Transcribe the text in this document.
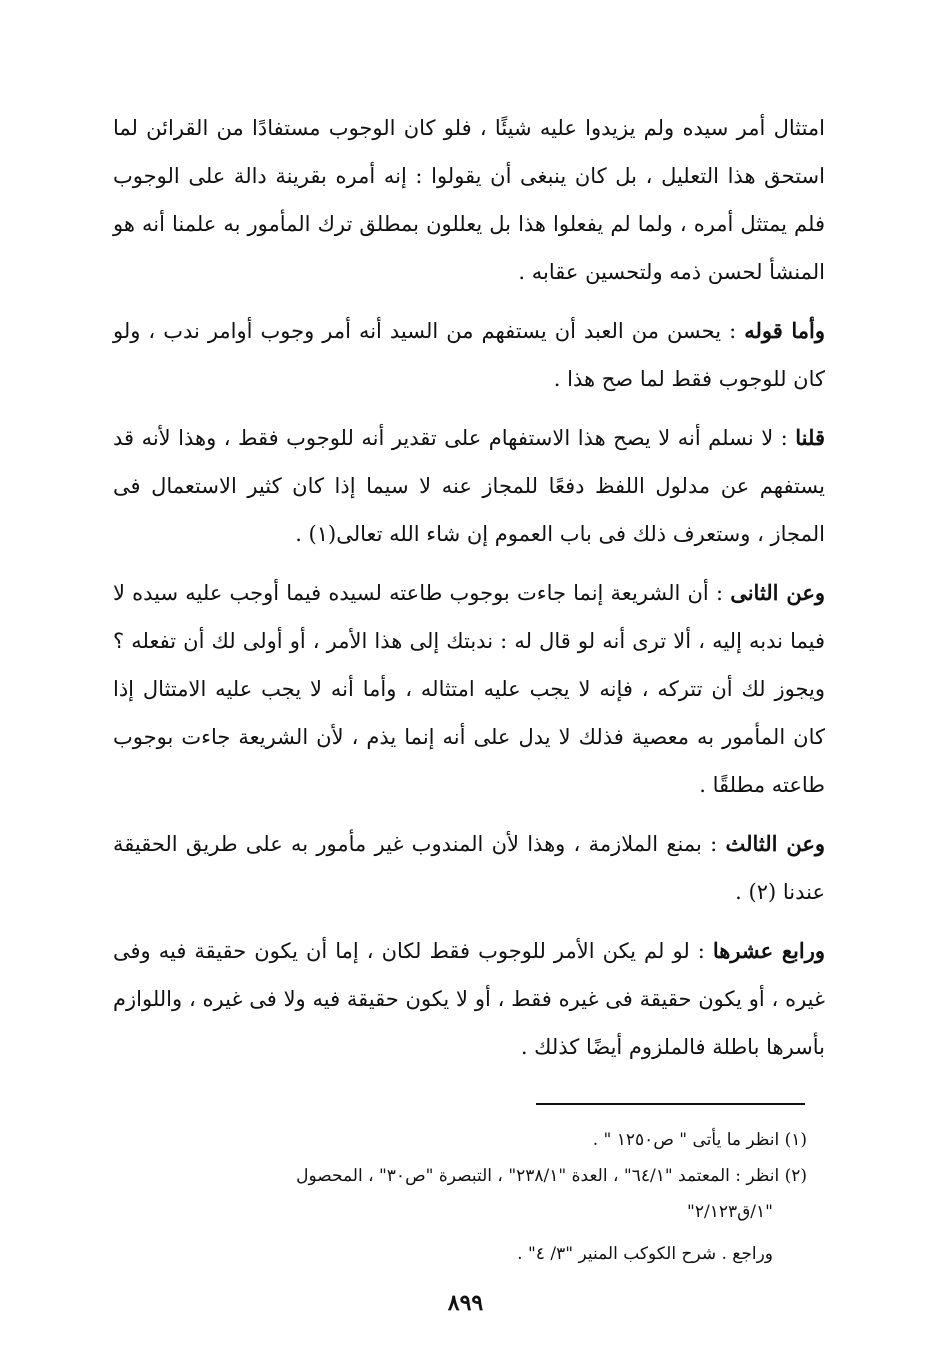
امتثال أمر سيده ولم يزيدوا عليه شيئًا ، فلو كان الوجوب مستفادًا من القرائن لما استحق هذا التعليل ، بل كان ينبغى أن يقولوا : إنه أمره بقرينة دالة على الوجوب فلم يمتثل أمره ، ولما لم يفعلوا هذا بل يعللون بمطلق ترك المأمور به علمنا أنه هو المنشأ لحسن ذمه ولتحسين عقابه .

وأما قوله : يحسن من العبد أن يستفهم من السيد أنه أمر وجوب أوامر ندب ، ولو كان للوجوب فقط لما صح هذا .

قلنا : لا نسلم أنه لا يصح هذا الاستفهام على تقدير أنه للوجوب فقط ، وهذا لأنه قد يستفهم عن مدلول اللفظ دفعًا للمجاز عنه لا سيما إذا كان كثير الاستعمال فى المجاز ، وستعرف ذلك فى باب العموم إن شاء الله تعالى(١) .

وعن الثانى : أن الشريعة إنما جاءت بوجوب طاعته لسيده فيما أوجب عليه سيده لا فيما ندبه إليه ، ألا ترى أنه لو قال له : ندبتك إلى هذا الأمر ، أو أولى لك أن تفعله ؟ ويجوز لك أن تتركه ، فإنه لا يجب عليه امتثاله ، وأما أنه لا يجب عليه الامتثال إذا كان المأمور به معصية فذلك لا يدل على أنه إنما يذم ، لأن الشريعة جاءت بوجوب طاعته مطلقًا .

وعن الثالث : بمنع الملازمة ، وهذا لأن المندوب غير مأمور به على طريق الحقيقة عندنا (٢) .

ورابع عشرها : لو لم يكن الأمر للوجوب فقط لكان ، إما أن يكون حقيقة فيه وفى غيره ، أو يكون حقيقة فى غيره فقط ، أو لا يكون حقيقة فيه ولا فى غيره ، واللوازم بأسرها باطلة فالملزوم أيضًا كذلك .

(١) انظر ما يأتى " ص١٢٥٠ " .

(٢) انظر : المعتمد "٦٤/١" ، العدة "٢٣٨/١" ، التبصرة "ص٣٠" ، المحصول

"١/ق٢/١٢٣"

وراجع . شرح الكوكب المنير "٣/ ٤" .

٨٩٩
